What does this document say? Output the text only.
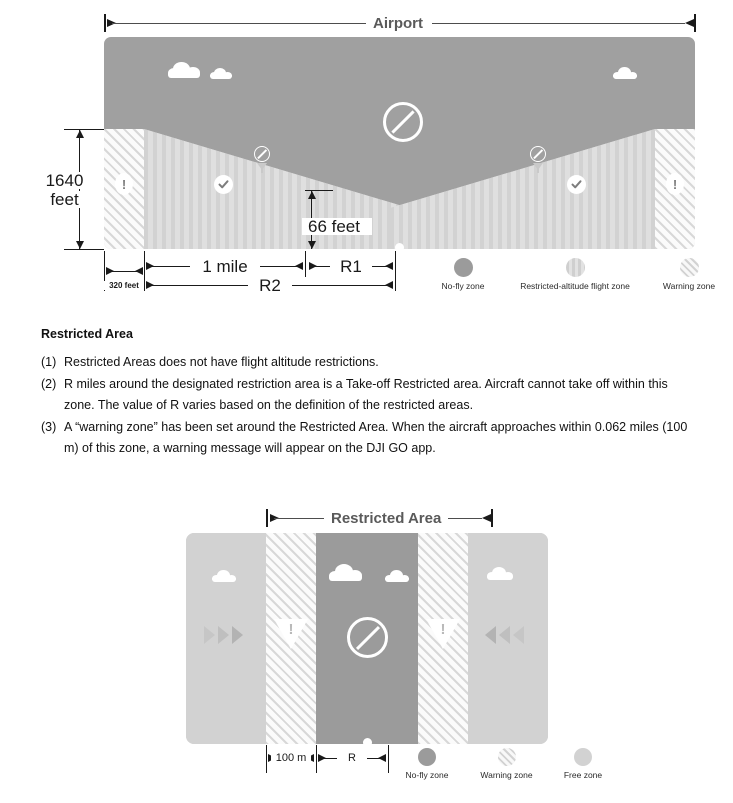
Airport
!	!
1640
feet
66 feet
320 feet
1 mile	R1
R2	No-fly zone	Restricted-altitude flight zone	Warning zone
Restricted Area
(1) Restricted Areas does not have flight altitude restrictions.
(2) R miles around the designated restriction area is a Take-off Restricted area. Aircraft cannot take off within this zone. The value of R varies based on the definition of the restricted areas.
(3) A “warning zone” has been set around the Restricted Area. When the aircraft approaches within 0.062 miles (100 m) of this zone, a warning message will appear on the DJI GO app.
Restricted Area
!	!
100 m	R
No-fly zone	Warning zone	Free zone
